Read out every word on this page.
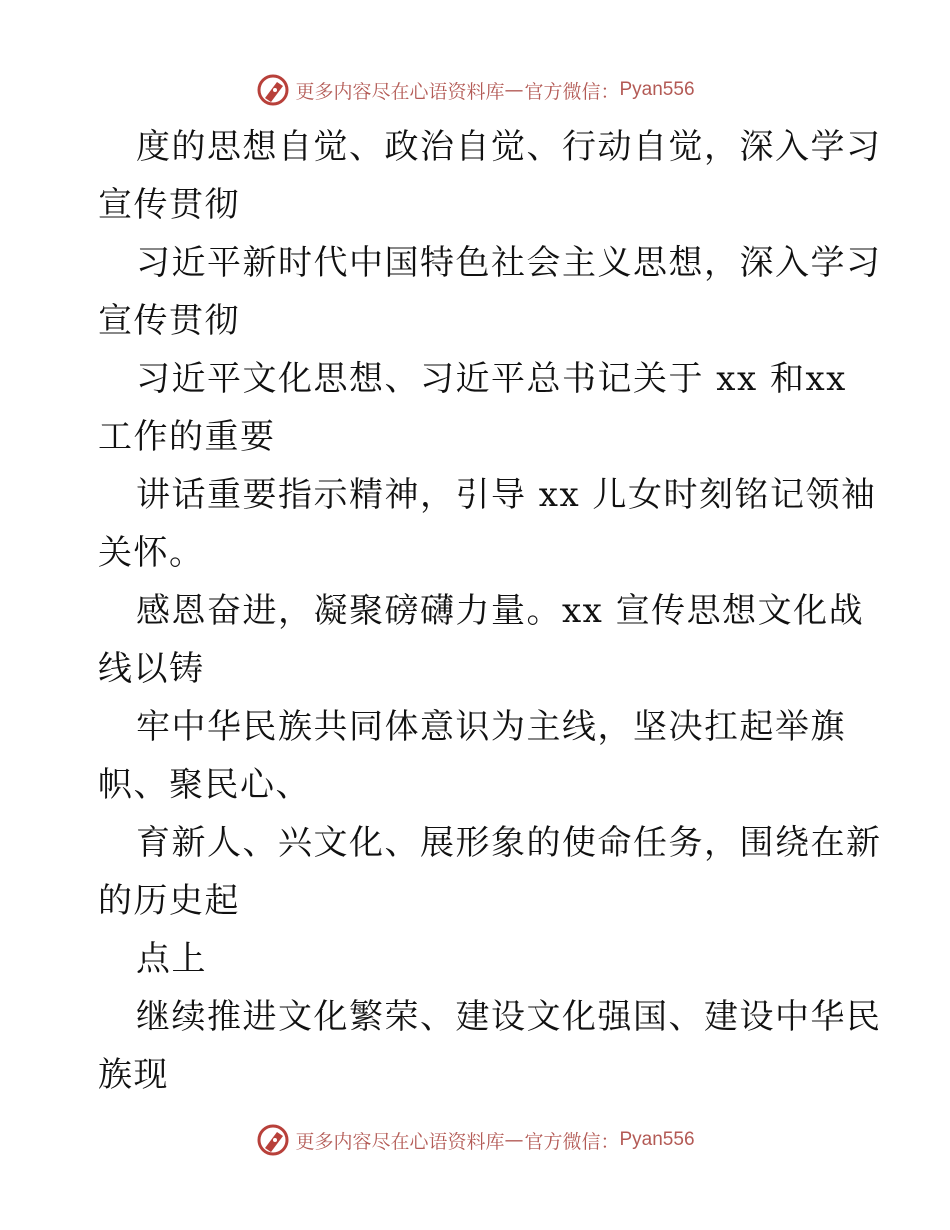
更多内容尽在心语资料库 — 官方微信： Pyan556
度的思想自觉、政治自觉、行动自觉，深入学习
宣传贯彻
习近平新时代中国特色社会主义思想，深入学习
宣传贯彻
习近平文化思想、习近平总书记关于 xx 和xx
工作的重要
讲话重要指示精神，引导 xx 儿女时刻铭记领袖
关怀。
感恩奋进，凝聚磅礴力量。xx 宣传思想文化战
线以铸
牢中华民族共同体意识为主线，坚决扛起举旗
帜、聚民心、
育新人、兴文化、展形象的使命任务，围绕在新
的历史起
点上
继续推进文化繁荣、建设文化强国、建设中华民
族现
更多内容尽在心语资料库 — 官方微信： Pyan556
